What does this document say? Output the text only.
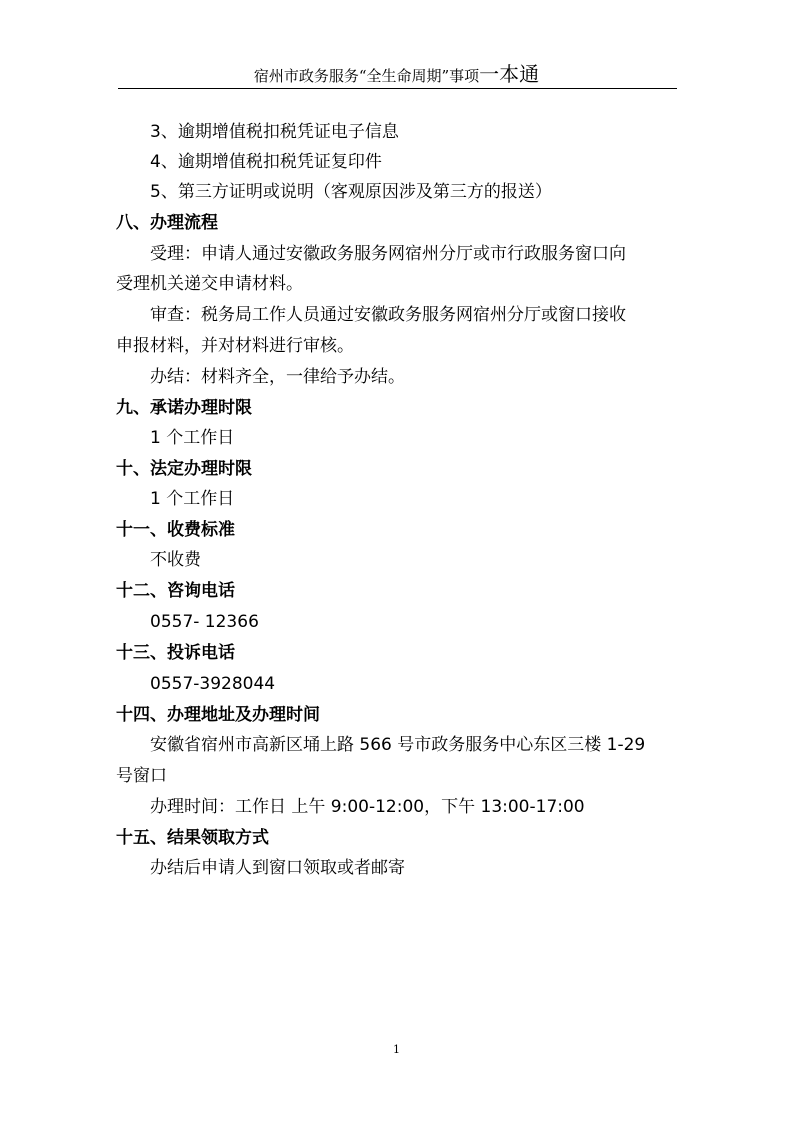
宿州市政务服务“全生命周期”事项一本通
3、逾期增值税扣税凭证电子信息
4、逾期增值税扣税凭证复印件
5、第三方证明或说明（客观原因涉及第三方的报送）
八、办理流程
受理：申请人通过安徽政务服务网宿州分厅或市行政服务窗口向
受理机关递交申请材料。
审查：税务局工作人员通过安徽政务服务网宿州分厅或窗口接收
申报材料，并对材料进行审核。
办结：材料齐全，一律给予办结。
九、承诺办理时限
1 个工作日
十、法定办理时限
1 个工作日
十一、收费标准
不收费
十二、咨询电话
0557- 12366
十三、投诉电话
0557-3928044
十四、办理地址及办理时间
安徽省宿州市高新区埇上路 566 号市政务服务中心东区三楼 1-29
号窗口
办理时间：工作日 上午 9:00-12:00，下午 13:00-17:00
十五、结果领取方式
办结后申请人到窗口领取或者邮寄
1
